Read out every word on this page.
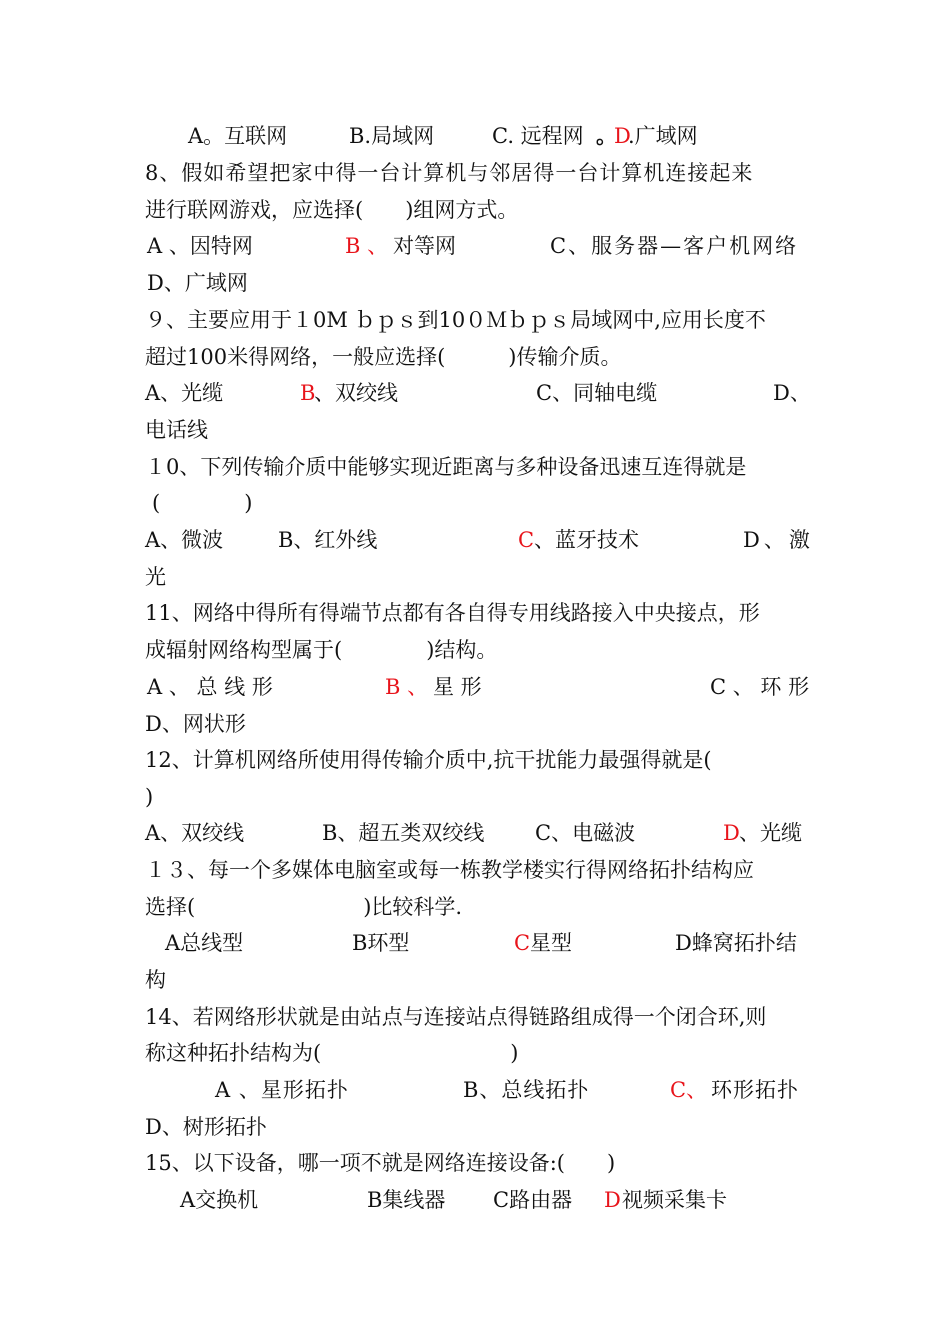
A。互联网	B.局域网	C. 远程网 。
D
.广域网
8、假如希望把家中得一台计算机与邻居得一台计算机连接起来
进行联网游戏，应选择(　　)组网方式。
A 、因特网	B 、 对等网	C、服务器—客户机网络
D、广域网
９、主要应用于１0M ｂｐｓ到10０Ｍｂｐｓ局域网中,应用长度不
超过100米得网络，一般应选择(　　　)传输介质。
A、光缆	B
、双绞线	C、同轴电缆	D、
电话线
１0、下列传输介质中能够实现近距离与多种设备迅速互连得就是
(　　　　)
A、微波	B、红外线	C 、蓝牙技术	D、激
光
11、网络中得所有得端节点都有各自得专用线路接入中央接点，形
成辐射网络构型属于(　　　　)结构。
A 、 总 线 形	B 、 星 形	C 、 环 形
D、网状形
12、计算机网络所使用得传输介质中,抗干扰能力最强得就是(
)
A、双绞线	B、超五类双绞线 C、电磁波	D 、光缆
１３、每一个多媒体电脑室或每一栋教学楼实行得网络拓扑结构应
选择(　　　　　　　　)比较科学.
A总线型	B环型	C 星型	D蜂窝拓扑结
构
14、若网络形状就是由站点与连接站点得链路组成得一个闭合环,则
称这种拓扑结构为(　　　　　　　　　)
A 、星形拓扑	B、总线拓扑	C、 环形拓扑
D、树形拓扑
15、以下设备，哪一项不就是网络连接设备:(　　)
A交换机	B集线器 C路由器 D 视频采集卡
